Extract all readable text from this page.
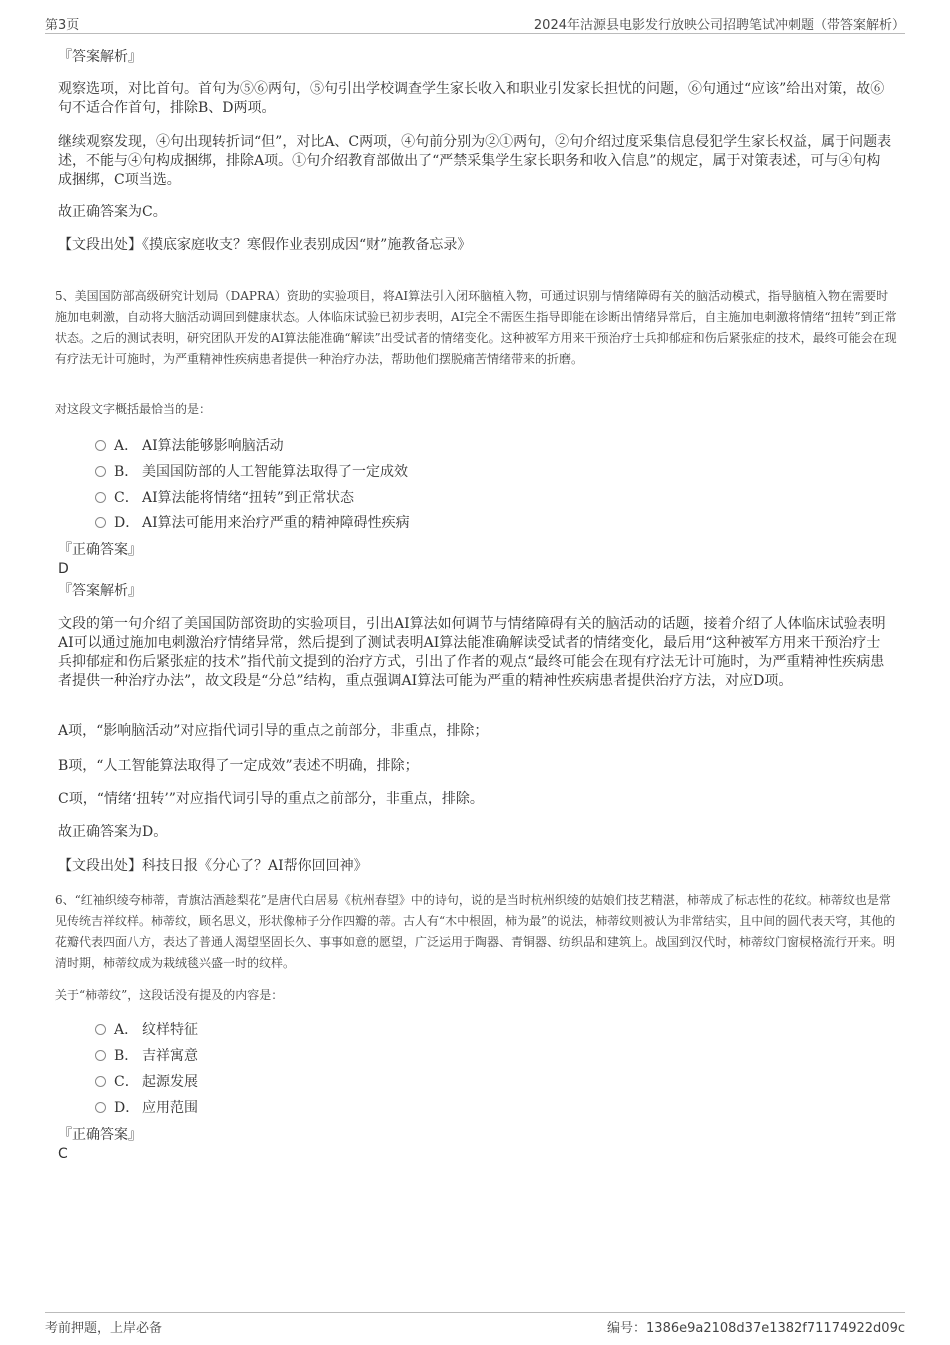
第3页	2024年沽源县电影发行放映公司招聘笔试冲刺题（带答案解析）
『答案解析』
观察选项，对比首句。首句为⑤⑥两句，⑤句引出学校调查学生家长收入和职业引发家长担忧的问题，⑥句通过“应该”给出对策，故⑥句不适合作首句，排除B、D两项。
继续观察发现，④句出现转折词“但”，对比A、C两项，④句前分别为②①两句，②句介绍过度采集信息侵犯学生家长权益，属于问题表述，不能与④句构成捆绑，排除A项。①句介绍教育部做出了“严禁采集学生家长职务和收入信息”的规定，属于对策表述，可与④句构成捆绑，C项当选。
故正确答案为C。
【文段出处】《摸底家庭收支？寒假作业表别成因“财”施教备忘录》
5、美国国防部高级研究计划局（DAPRA）资助的实验项目，将AI算法引入闭环脑植入物，可通过识别与情绪障碍有关的脑活动模式，指导脑植入物在需要时施加电刺激，自动将大脑活动调回到健康状态。人体临床试验已初步表明，AI完全不需医生指导即能在诊断出情绪异常后，自主施加电刺激将情绪“扭转”到正常状态。之后的测试表明，研究团队开发的AI算法能准确“解读”出受试者的情绪变化。这种被军方用来干预治疗士兵抑郁症和伤后紧张症的技术，最终可能会在现有疗法无计可施时，为严重精神性疾病患者提供一种治疗办法，帮助他们摆脱痛苦情绪带来的折磨。
对这段文字概括最恰当的是：
A． AI算法能够影响脑活动
B． 美国国防部的人工智能算法取得了一定成效
C． AI算法能将情绪“扭转”到正常状态
D． AI算法可能用来治疗严重的精神障碍性疾病
『正确答案』
D
『答案解析』
文段的第一句介绍了美国国防部资助的实验项目，引出AI算法如何调节与情绪障碍有关的脑活动的话题，接着介绍了人体临床试验表明AI可以通过施加电刺激治疗情绪异常，然后提到了测试表明AI算法能准确解读受试者的情绪变化，最后用“这种被军方用来干预治疗士兵抑郁症和伤后紧张症的技术”指代前文提到的治疗方式，引出了作者的观点“最终可能会在现有疗法无计可施时，为严重精神性疾病患者提供一种治疗办法”，故文段是“分总”结构，重点强调AI算法可能为严重的精神性疾病患者提供治疗方法，对应D项。
A项，“影响脑活动”对应指代词引导的重点之前部分，非重点，排除；
B项，“人工智能算法取得了一定成效”表述不明确，排除；
C项，“情绪‘扭转’”对应指代词引导的重点之前部分，非重点，排除。
故正确答案为D。
【文段出处】科技日报《分心了？AI帮你回回神》
6、“红袖织绫夸柿蒂，青旗沽酒趁梨花”是唐代白居易《杭州春望》中的诗句，说的是当时杭州织绫的姑娘们技艺精湛，柿蒂成了标志性的花纹。柿蒂纹也是常见传统吉祥纹样。柿蒂纹，顾名思义，形状像柿子分作四瓣的蒂。古人有“木中根固，柿为最”的说法，柿蒂纹则被认为非常结实，且中间的圆代表天穹，其他的花瓣代表四面八方，表达了普通人渴望坚固长久、事事如意的愿望，广泛运用于陶器、青铜器、纺织品和建筑上。战国到汉代时，柿蒂纹门窗棂格流行开来。明清时期，柿蒂纹成为栽绒毯兴盛一时的纹样。
关于“柿蒂纹”，这段话没有提及的内容是：
A． 纹样特征
B． 吉祥寓意
C． 起源发展
D． 应用范围
『正确答案』
C
考前押题，上岸必备	编号：1386e9a2108d37e1382f71174922d09c
